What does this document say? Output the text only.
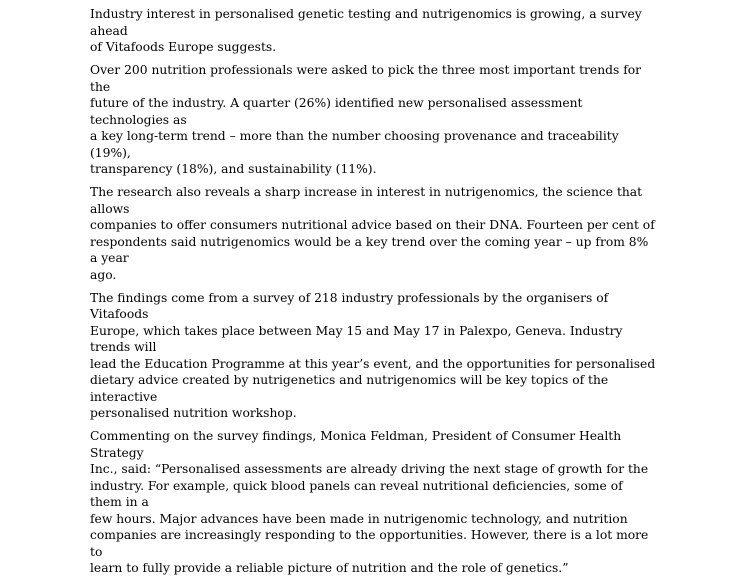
Industry interest in personalised genetic testing and nutrigenomics is growing, a survey ahead
of Vitafoods Europe suggests.

Over 200 nutrition professionals were asked to pick the three most important trends for the
future of the industry. A quarter (26%) identified new personalised assessment technologies as
a key long-term trend – more than the number choosing provenance and traceability (19%),
transparency (18%), and sustainability (11%).

The research also reveals a sharp increase in interest in nutrigenomics, the science that allows
companies to offer consumers nutritional advice based on their DNA. Fourteen per cent of
respondents said nutrigenomics would be a key trend over the coming year – up from 8% a year
ago.

The findings come from a survey of 218 industry professionals by the organisers of Vitafoods
Europe, which takes place between May 15 and May 17 in Palexpo, Geneva. Industry trends will
lead the Education Programme at this year’s event, and the opportunities for personalised
dietary advice created by nutrigenetics and nutrigenomics will be key topics of the interactive
personalised nutrition workshop.

Commenting on the survey findings, Monica Feldman, President of Consumer Health Strategy
Inc., said: “Personalised assessments are already driving the next stage of growth for the
industry. For example, quick blood panels can reveal nutritional deficiencies, some of them in a
few hours. Major advances have been made in nutrigenomic technology, and nutrition
companies are increasingly responding to the opportunities. However, there is a lot more to
learn to fully provide a reliable picture of nutrition and the role of genetics.”
